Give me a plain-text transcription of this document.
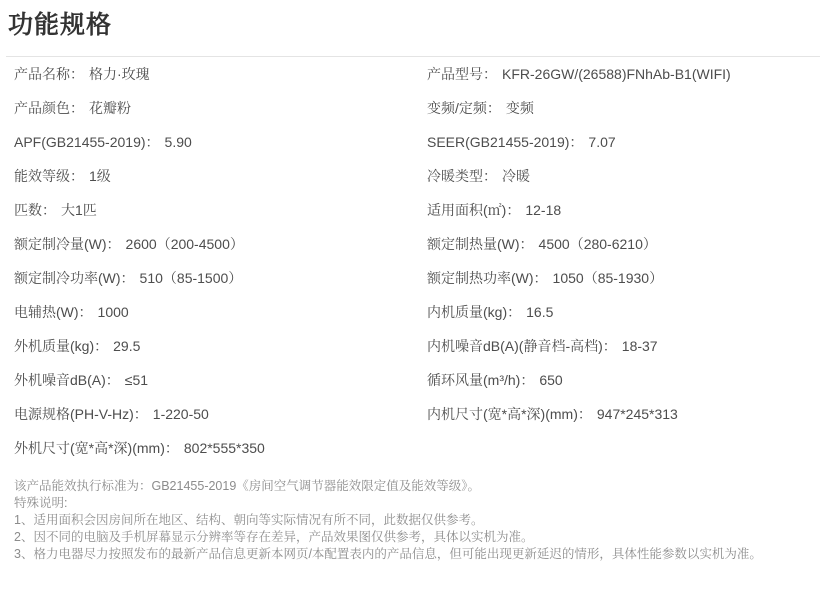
功能规格
产品名称： 格力·玫瑰
产品颜色： 花瓣粉
APF(GB21455-2019)： 5.90
能效等级： 1级
匹数： 大1匹
额定制冷量(W)： 2600（200-4500）
额定制冷功率(W)： 510（85-1500）
电辅热(W)： 1000
外机质量(kg)： 29.5
外机噪音dB(A)： ≤51
电源规格(PH-V-Hz)： 1-220-50
外机尺寸(宽*高*深)(mm)： 802*555*350
产品型号： KFR-26GW/(26588)FNhAb-B1(WIFI)
变频/定频： 变频
SEER(GB21455-2019)： 7.07
冷暖类型： 冷暖
适用面积(㎡)： 12-18
额定制热量(W)： 4500（280-6210）
额定制热功率(W)： 1050（85-1930）
内机质量(kg)： 16.5
内机噪音dB(A)(静音档-高档)： 18-37
循环风量(m³/h)： 650
内机尺寸(宽*高*深)(mm)： 947*245*313

该产品能效执行标准为：GB21455-2019《房间空气调节器能效限定值及能效等级》。

特殊说明:

1、适用面积会因房间所在地区、结构、朝向等实际情况有所不同，此数据仅供参考。

2、因不同的电脑及手机屏幕显示分辨率等存在差异，产品效果图仅供参考，具体以实机为准。

3、格力电器尽力按照发布的最新产品信息更新本网页/本配置表内的产品信息，但可能出现更新延迟的情形，具体性能参数以实机为准。
